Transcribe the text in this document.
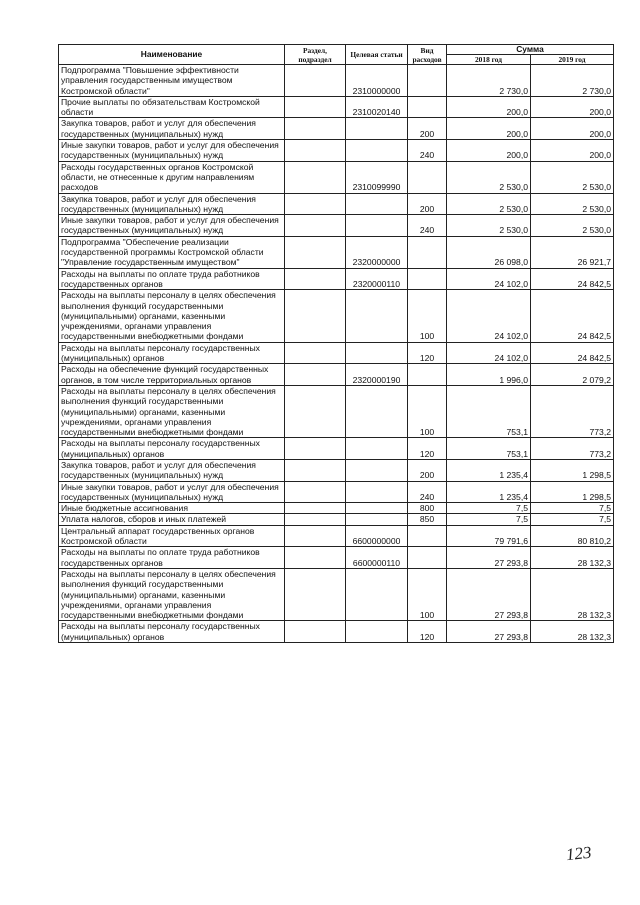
Наименование	Раздел, подраздел	Целевая статьи	Вид расходов	Сумма	
				2018 год	2019 год
Подпрограмма "Повышение эффективности управления государственным имуществом Костромской области"		2310000000		2 730,0	2 730,0
Прочие выплаты по обязательствам Костромской области		2310020140		200,0	200,0
Закупка товаров, работ и услуг для обеспечения государственных (муниципальных) нужд			200	200,0	200,0
Иные закупки товаров, работ и услуг для обеспечения государственных (муниципальных) нужд			240	200,0	200,0
Расходы государственных органов Костромской области, не отнесенные к другим направлениям расходов		2310099990		2 530,0	2 530,0
Закупка товаров, работ и услуг для обеспечения государственных (муниципальных) нужд			200	2 530,0	2 530,0
Иные закупки товаров, работ и услуг для обеспечения государственных (муниципальных) нужд			240	2 530,0	2 530,0
Подпрограмма "Обеспечение реализации государственной программы Костромской области "Управление государственным имуществом"		2320000000		26 098,0	26 921,7
Расходы на выплаты по оплате труда работников государственных органов		2320000110		24 102,0	24 842,5
Расходы на выплаты персоналу в целях обеспечения выполнения функций государственными (муниципальными) органами, казенными учреждениями, органами управления государственными внебюджетными фондами			100	24 102,0	24 842,5
Расходы на выплаты персоналу государственных (муниципальных) органов			120	24 102,0	24 842,5
Расходы на обеспечение функций государственных органов, в том числе территориальных органов		2320000190		1 996,0	2 079,2
Расходы на выплаты персоналу в целях обеспечения выполнения функций государственными (муниципальными) органами, казенными учреждениями, органами управления государственными внебюджетными фондами			100	753,1	773,2
Расходы на выплаты персоналу государственных (муниципальных) органов			120	753,1	773,2
Закупка товаров, работ и услуг для обеспечения государственных (муниципальных) нужд			200	1 235,4	1 298,5
Иные закупки товаров, работ и услуг для обеспечения государственных (муниципальных) нужд			240	1 235,4	1 298,5
Иные бюджетные ассигнования			800	7,5	7,5
Уплата налогов, сборов и иных платежей			850	7,5	7,5
Центральный аппарат государственных органов Костромской области		6600000000		79 791,6	80 810,2
Расходы на выплаты по оплате труда работников государственных органов		6600000110		27 293,8	28 132,3
Расходы на выплаты персоналу в целях обеспечения выполнения функций государственными (муниципальными) органами, казенными учреждениями, органами управления государственными внебюджетными фондами			100	27 293,8	28 132,3
Расходы на выплаты персоналу государственных (муниципальных) органов			120	27 293,8	28 132,3
123
